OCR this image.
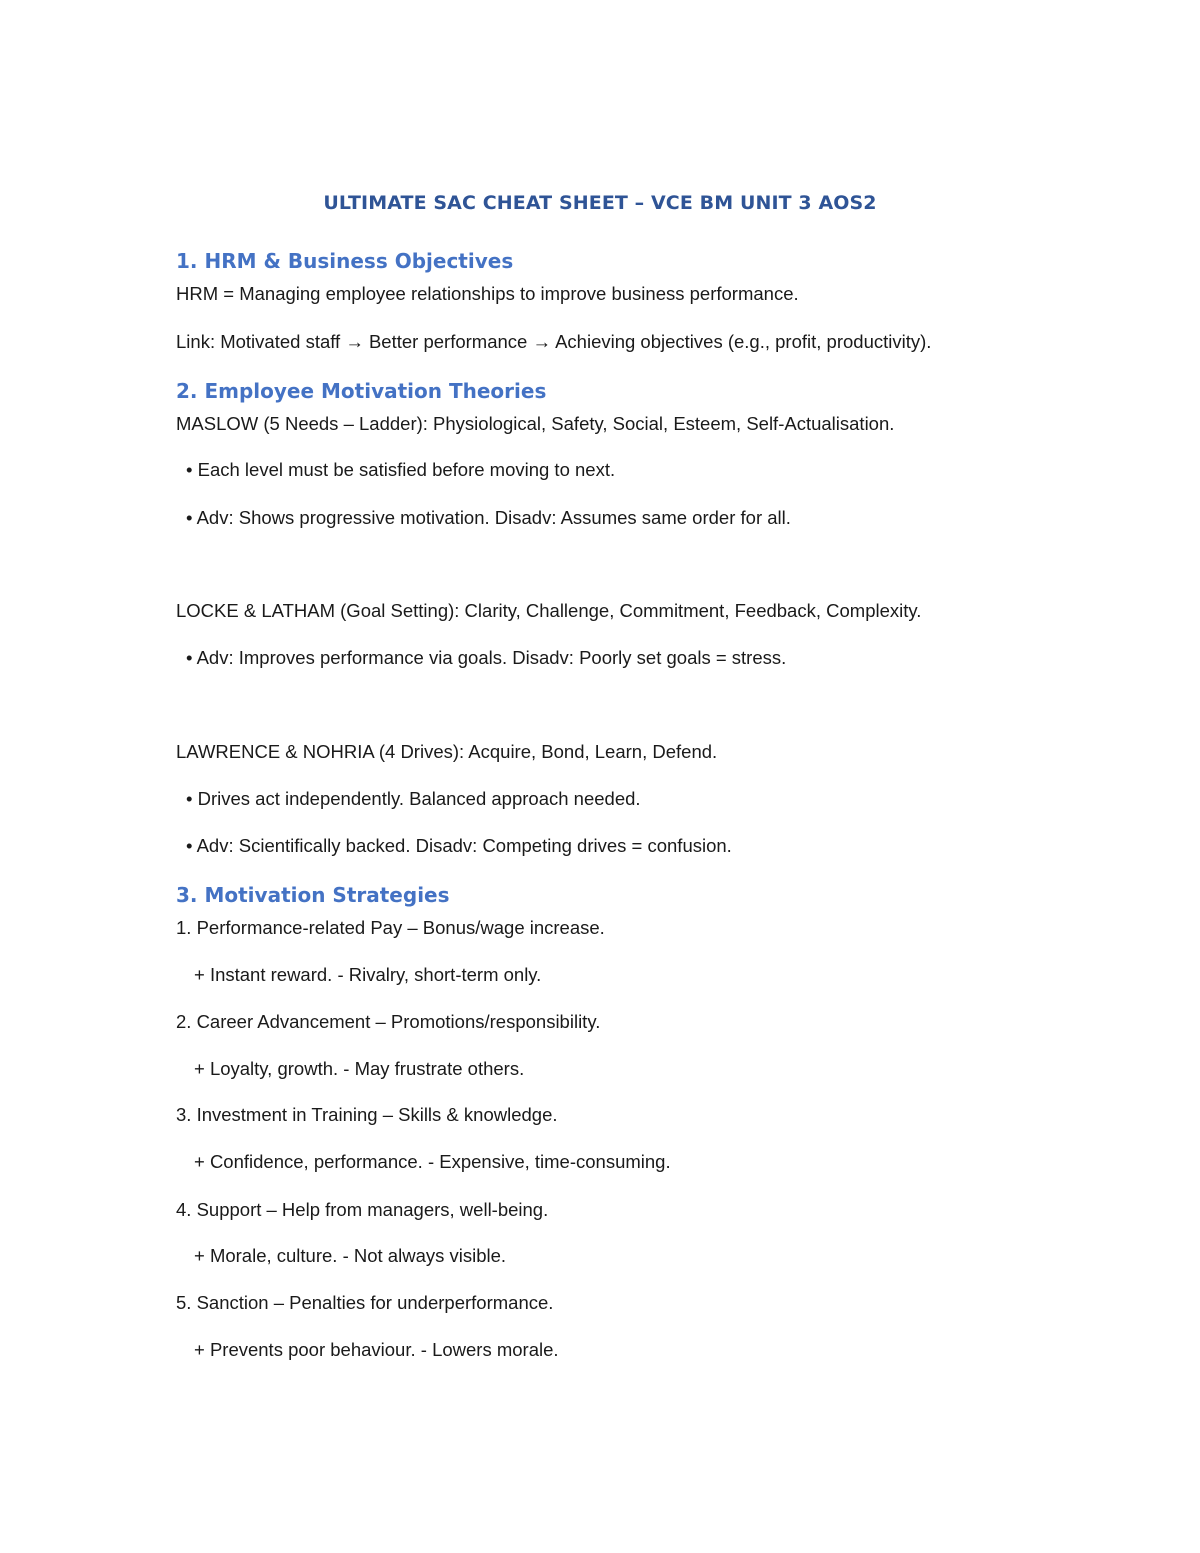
ULTIMATE SAC CHEAT SHEET – VCE BM UNIT 3 AOS2
1. HRM & Business Objectives
HRM = Managing employee relationships to improve business performance.
Link: Motivated staff → Better performance → Achieving objectives (e.g., profit, productivity).
2. Employee Motivation Theories
MASLOW (5 Needs – Ladder): Physiological, Safety, Social, Esteem, Self-Actualisation.
• Each level must be satisfied before moving to next.
• Adv: Shows progressive motivation. Disadv: Assumes same order for all.
LOCKE & LATHAM (Goal Setting): Clarity, Challenge, Commitment, Feedback, Complexity.
• Adv: Improves performance via goals. Disadv: Poorly set goals = stress.
LAWRENCE & NOHRIA (4 Drives): Acquire, Bond, Learn, Defend.
• Drives act independently. Balanced approach needed.
• Adv: Scientifically backed. Disadv: Competing drives = confusion.
3. Motivation Strategies
1. Performance-related Pay – Bonus/wage increase.
+ Instant reward. - Rivalry, short-term only.
2. Career Advancement – Promotions/responsibility.
+ Loyalty, growth. - May frustrate others.
3. Investment in Training – Skills & knowledge.
+ Confidence, performance. - Expensive, time-consuming.
4. Support – Help from managers, well-being.
+ Morale, culture. - Not always visible.
5. Sanction – Penalties for underperformance.
+ Prevents poor behaviour. - Lowers morale.
